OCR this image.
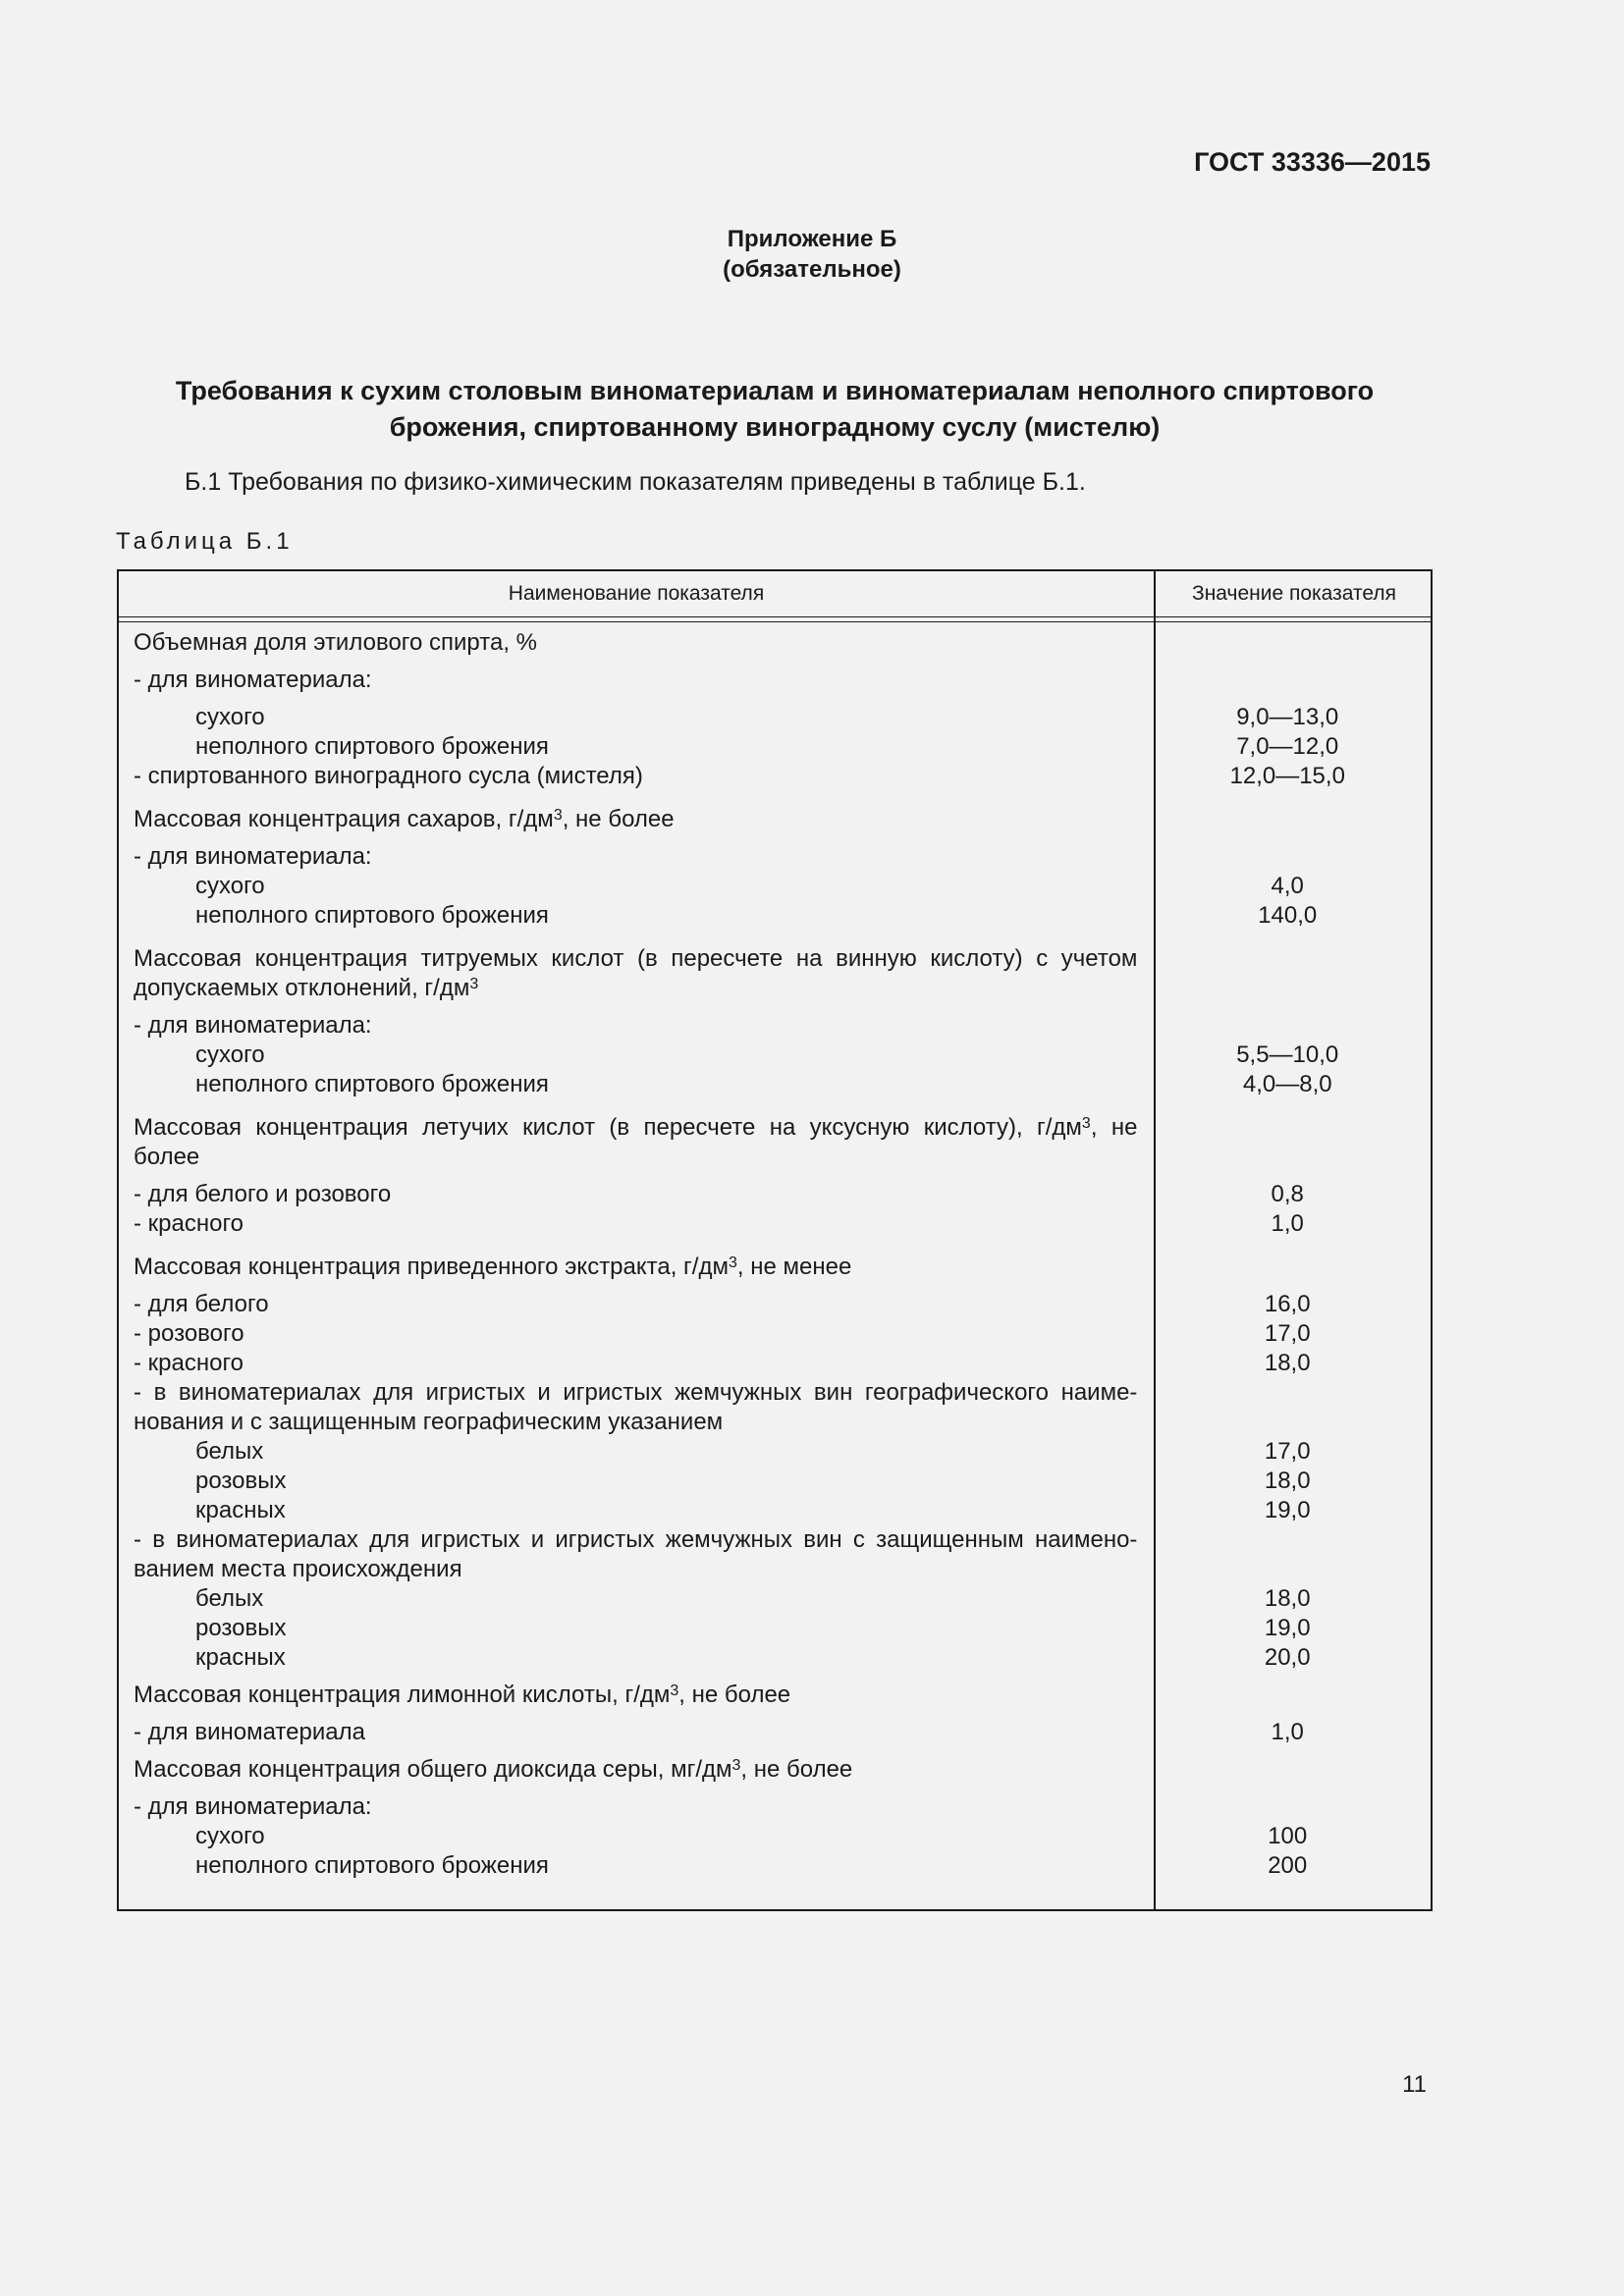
ГОСТ 33336—2015

Приложение Б
(обязательное)
Требования к сухим столовым виноматериалам и виноматериалам неполного спиртового
брожения, спиртованному виноградному суслу (мистелю)

Б.1 Требования по физико-химическим показателям приведены в таблице Б.1.

Таблица Б.1

Наименование показателя	Значение показателя
Объемная доля этилового спирта, %
- для виноматериала:
сухого	9,0—13,0
неполного спиртового брожения	7,0—12,0
- спиртованного виноградного сусла (мистеля)	12,0—15,0
Массовая концентрация сахаров, $г/дм^3$, не более
- для виноматериала:
сухого	4,0
неполного спиртового брожения	140,0
Массовая концентрация титруемых кислот (в пересчете на винную кислоту) с учетом
допускаемых отклонений, $г/дм^3$
- для виноматериала:
сухого	5,5—10,0
неполного спиртового брожения	4,0—8,0
Массовая концентрация летучих кислот (в пересчете на уксусную кислоту), $г/дм^3$, не
более
- для белого и розового	0,8
- красного	1,0
Массовая концентрация приведенного экстракта, $г/дм^3$, не менее
- для белого	16,0
- розового	17,0
- красного	18,0
- в виноматериалах для игристых и игристых жемчужных вин географического наиме-
нования и с защищенным географическим указанием
белых	17,0
розовых	18,0
красных	19,0
- в виноматериалах для игристых и игристых жемчужных вин с защищенным наимено-
ванием места происхождения
белых	18,0
розовых	19,0
красных	20,0
Массовая концентрация лимонной кислоты, $г/дм^3$, не более
- для виноматериала	1,0
Массовая концентрация общего диоксида серы, $мг/дм^3$, не более
- для виноматериала:
сухого	100
неполного спиртового брожения	200

11
